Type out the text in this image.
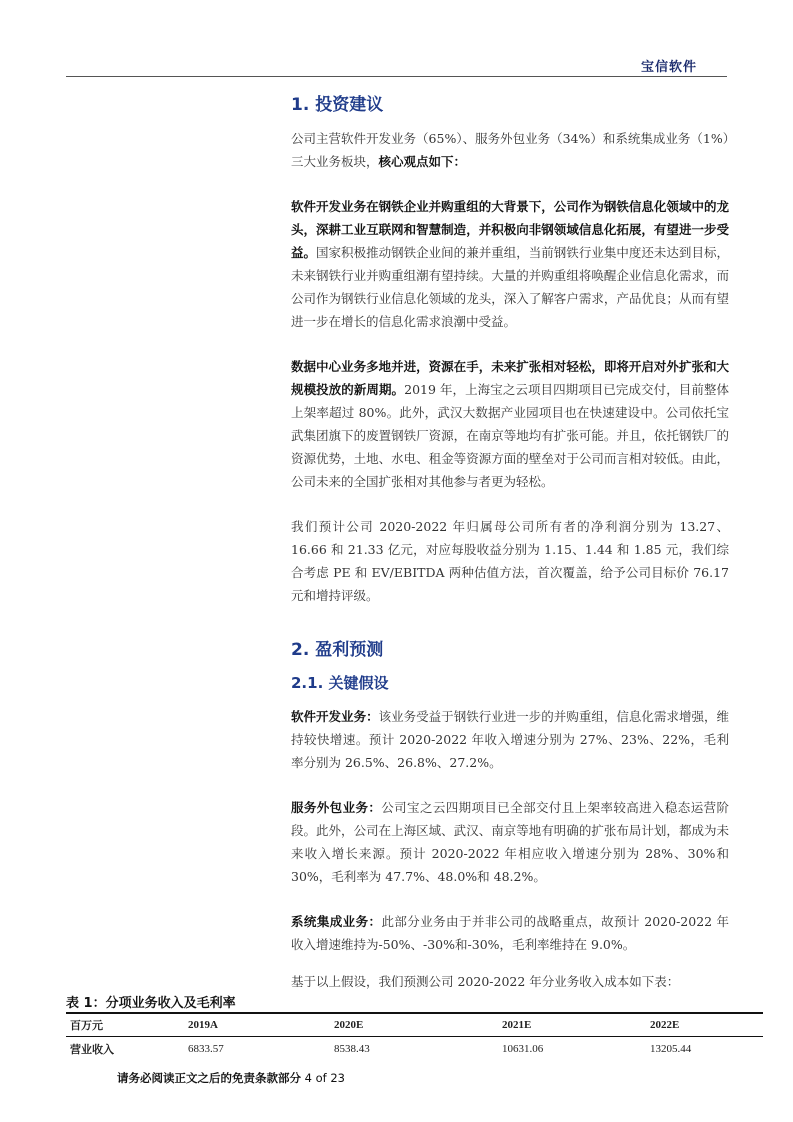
宝信软件
1. 投资建议

公司主营软件开发业务（65%）、服务外包业务（34%）和系统集成业务（1%）三大业务板块，核心观点如下：

软件开发业务在钢铁企业并购重组的大背景下，公司作为钢铁信息化领域中的龙头，深耕工业互联网和智慧制造，并积极向非钢领域信息化拓展，有望进一步受益。国家积极推动钢铁企业间的兼并重组，当前钢铁行业集中度还未达到目标，未来钢铁行业并购重组潮有望持续。大量的并购重组将唤醒企业信息化需求，而公司作为钢铁行业信息化领域的龙头，深入了解客户需求，产品优良；从而有望进一步在增长的信息化需求浪潮中受益。

数据中心业务多地并进，资源在手，未来扩张相对轻松，即将开启对外扩张和大规模投放的新周期。2019 年，上海宝之云项目四期项目已完成交付，目前整体上架率超过 80%。此外，武汉大数据产业园项目也在快速建设中。公司依托宝武集团旗下的废置钢铁厂资源，在南京等地均有扩张可能。并且，依托钢铁厂的资源优势，土地、水电、租金等资源方面的壁垒对于公司而言相对较低。由此，公司未来的全国扩张相对其他参与者更为轻松。

我们预计公司 2020-2022 年归属母公司所有者的净利润分别为 13.27、16.66 和 21.33 亿元，对应每股收益分别为 1.15、1.44 和 1.85 元，我们综合考虑 PE 和 EV/EBITDA 两种估值方法，首次覆盖，给予公司目标价 76.17 元和增持评级。

2. 盈利预测
2.1. 关键假设

软件开发业务：该业务受益于钢铁行业进一步的并购重组，信息化需求增强，维持较快增速。预计 2020-2022 年收入增速分别为 27%、23%、22%，毛利率分别为 26.5%、26.8%、27.2%。

服务外包业务：公司宝之云四期项目已全部交付且上架率较高进入稳态运营阶段。此外，公司在上海区域、武汉、南京等地有明确的扩张布局计划，都成为未来收入增长来源。预计 2020-2022 年相应收入增速分别为 28%、30%和 30%，毛利率为 47.7%、48.0%和 48.2%。

系统集成业务：此部分业务由于并非公司的战略重点，故预计 2020-2022 年收入增速维持为-50%、-30%和-30%，毛利率维持在 9.0%。

基于以上假设，我们预测公司 2020-2022 年分业务收入成本如下表：

表 1：分项业务收入及毛利率
百万元	2019A	2020E	2021E	2022E
营业收入	6833.57	8538.43	10631.06	13205.44
请务必阅读正文之后的免责条款部分 4 of 23
